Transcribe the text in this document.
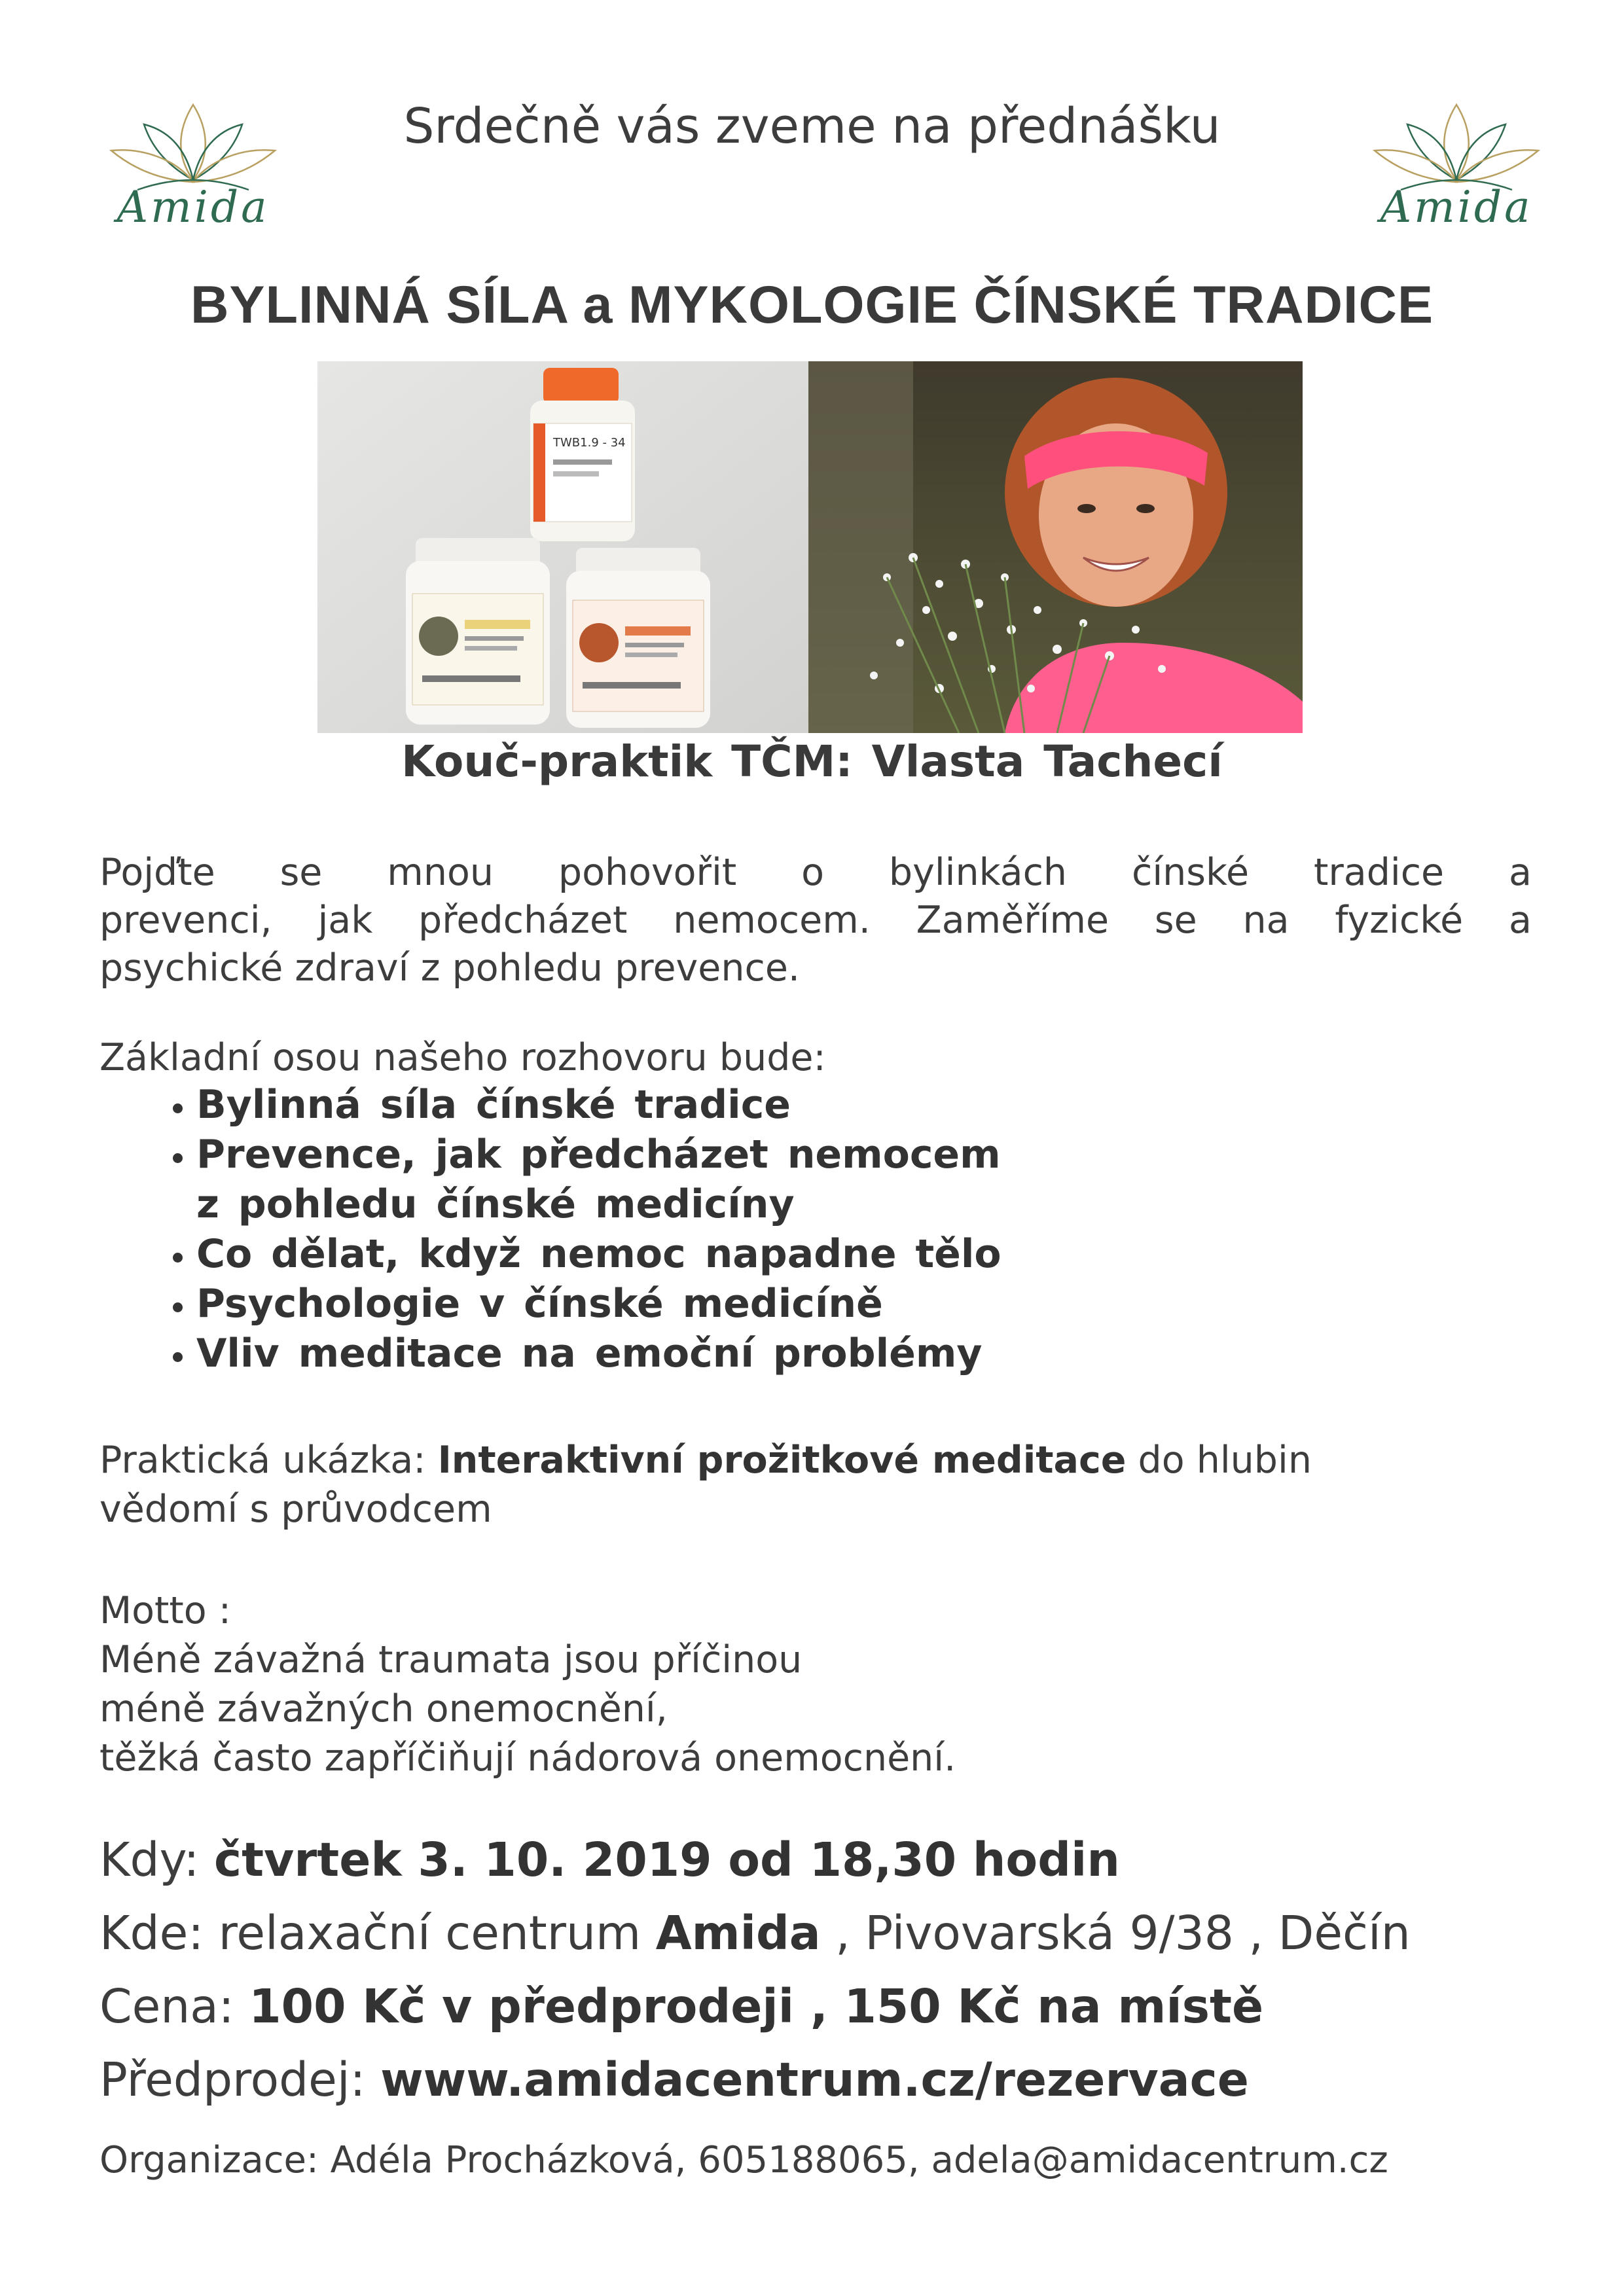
Amida	Amida
Srdečně vás zveme na přednášku
BYLINNÁ SÍLA a MYKOLOGIE ČÍNSKÉ TRADICE
TWB1.9 - 34
Kouč-praktik TČM: Vlasta Tachecí
Pojďte se mnou pohovořit o bylinkách čínské tradice a
prevenci, jak předcházet nemocem. Zaměříme se na fyzické a
psychické zdraví z pohledu prevence.
Základní osou našeho rozhovoru bude:
• Bylinná síla čínské tradice
• Prevence, jak předcházet nemocem
z pohledu čínské medicíny
• Co dělat, když nemoc napadne tělo
• Psychologie v čínské medicíně
• Vliv meditace na emoční problémy
Praktická ukázka: Interaktivní prožitkové meditace do hlubin
vědomí s průvodcem
Motto :
Méně závažná traumata jsou příčinou
méně závažných onemocnění,
těžká často zapříčiňují nádorová onemocnění.
Kdy: čtvrtek 3. 10. 2019 od 18,30 hodin
Kde: relaxační centrum Amida , Pivovarská 9/38 , Děčín
Cena: 100 Kč v předprodeji , 150 Kč na místě
Předprodej: www.amidacentrum.cz/rezervace
Organizace: Adéla Procházková, 605188065, adela@amidacentrum.cz
